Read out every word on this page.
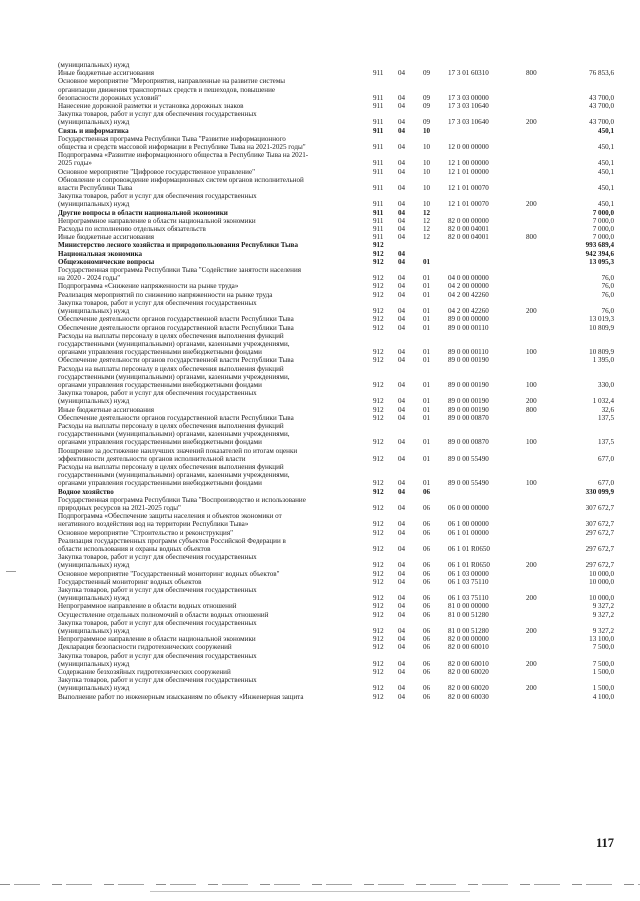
(муниципальных) нужд						
Иные бюджетные ассигнования	911	04	09	17 3 01 60310	800	76 853,6
Основное мероприятие "Мероприятия, направленные на развитие системы
организации движения транспортных средств и пешеходов, повышение
безопасности дорожных условий"	911	04	09	17 3 03 00000		43 700,0
Нанесение дорожной разметки и установка дорожных знаков	911	04	09	17 3 03 10640		43 700,0
Закупка товаров, работ и услуг для обеспечения государственных
(муниципальных) нужд	911	04	09	17 3 03 10640	200	43 700,0
Связь и информатика	911	04	10			450,1
Государственная программа Республики Тыва "Развитие информационного
общества и средств массовой информации в Республике Тыва на 2021-2025 годы"	911	04	10	12 0 00 00000		450,1
Подпрограмма «Развитие информационного общества в Республике Тыва на 2021-
2025 годы»	911	04	10	12 1 00 00000		450,1
Основное мероприятие "Цифровое государственное управление"	911	04	10	12 1 01 00000		450,1
Обновление и сопровождение информационных систем органов исполнительной
власти Республики Тыва	911	04	10	12 1 01 00070		450,1
Закупка товаров, работ и услуг для обеспечения государственных
(муниципальных) нужд	911	04	10	12 1 01 00070	200	450,1
Другие вопросы в области национальной экономики	911	04	12			7 000,0
Непрограммное направление в области национальной экономики	911	04	12	82 0 00 00000		7 000,0
Расходы по исполнению отдельных обязательств	911	04	12	82 0 00 04001		7 000,0
Иные бюджетные ассигнования	911	04	12	82 0 00 04001	800	7 000,0
Министерство лесного хозяйства и природопользования Республики Тыва	912					993 689,4
Национальная экономика	912	04				942 394,6
Общеэкономические вопросы	912	04	01			13 095,3
Государственная программа Республики Тыва "Содействие занятости населения
на 2020 - 2024 годы"	912	04	01	04 0 00 00000		76,0
Подпрограмма «Снижение напряженности на рынке труда»	912	04	01	04 2 00 00000		76,0
Реализация мероприятий по снижению напряженности на рынке труда	912	04	01	04 2 00 42260		76,0
Закупка товаров, работ и услуг для обеспечения государственных
(муниципальных) нужд	912	04	01	04 2 00 42260	200	76,0
Обеспечение деятельности органов государственной власти Республики Тыва	912	04	01	89 0 00 00000		13 019,3
Обеспечение деятельности органов государственной власти Республики Тыва	912	04	01	89 0 00 00110		10 809,9
Расходы на выплаты персоналу в целях обеспечения выполнения функций
государственными (муниципальными) органами, казенными учреждениями,
органами управления государственными внебюджетными фондами	912	04	01	89 0 00 00110	100	10 809,9
Обеспечение деятельности органов государственной власти Республики Тыва	912	04	01	89 0 00 00190		1 395,0
Расходы на выплаты персоналу в целях обеспечения выполнения функций
государственными (муниципальными) органами, казенными учреждениями,
органами управления государственными внебюджетными фондами	912	04	01	89 0 00 00190	100	330,0
Закупка товаров, работ и услуг для обеспечения государственных
(муниципальных) нужд	912	04	01	89 0 00 00190	200	1 032,4
Иные бюджетные ассигнования	912	04	01	89 0 00 00190	800	32,6
Обеспечение деятельности органов государственной власти Республики Тыва	912	04	01	89 0 00 00870		137,5
Расходы на выплаты персоналу в целях обеспечения выполнения функций
государственными (муниципальными) органами, казенными учреждениями,
органами управления государственными внебюджетными фондами	912	04	01	89 0 00 00870	100	137,5
Поощрение за достижение наилучших значений показателей по итогам оценки
эффективности деятельности органов исполнительной власти	912	04	01	89 0 00 55490		677,0
Расходы на выплаты персоналу в целях обеспечения выполнения функций
государственными (муниципальными) органами, казенными учреждениями,
органами управления государственными внебюджетными фондами	912	04	01	89 0 00 55490	100	677,0
Водное хозяйство	912	04	06			330 099,9
Государственная программа Республики Тыва "Воспроизводство и использование
природных ресурсов на 2021-2025 годы"	912	04	06	06 0 00 00000		307 672,7
Подпрограмма «Обеспечение защиты населения и объектов экономики от
негативного воздействия вод на территории Республики Тыва»	912	04	06	06 1 00 00000		307 672,7
Основное мероприятие "Строительство и реконструкция"	912	04	06	06 1 01 00000		297 672,7
Реализация государственных программ субъектов Российской Федерации в
области использования и охраны водных объектов	912	04	06	06 1 01 R0650		297 672,7
Закупка товаров, работ и услуг для обеспечения государственных
(муниципальных) нужд	912	04	06	06 1 01 R0650	200	297 672,7
Основное мероприятие "Государственный мониторинг водных объектов"	912	04	06	06 1 03 00000		10 000,0
Государственный мониторинг водных объектов	912	04	06	06 1 03 75110		10 000,0
Закупка товаров, работ и услуг для обеспечения государственных
(муниципальных) нужд	912	04	06	06 1 03 75110	200	10 000,0
Непрограммное направление в области водных отношений	912	04	06	81 0 00 00000		9 327,2
Осуществление отдельных полномочий в области водных отношений	912	04	06	81 0 00 51280		9 327,2
Закупка товаров, работ и услуг для обеспечения государственных
(муниципальных) нужд	912	04	06	81 0 00 51280	200	9 327,2
Непрограммное направление в области национальной экономики	912	04	06	82 0 00 00000		13 100,0
Декларация безопасности гидротехнических сооружений	912	04	06	82 0 00 60010		7 500,0
Закупка товаров, работ и услуг для обеспечения государственных
(муниципальных) нужд	912	04	06	82 0 00 60010	200	7 500,0
Содержание безхозяйных гидротехнических сооружений	912	04	06	82 0 00 60020		1 500,0
Закупка товаров, работ и услуг для обеспечения государственных
(муниципальных) нужд	912	04	06	82 0 00 60020	200	1 500,0
Выполнение работ по инженерным изысканиям по объекту «Инженерная защита	912	04	06	82 0 00 60030		4 100,0
117
